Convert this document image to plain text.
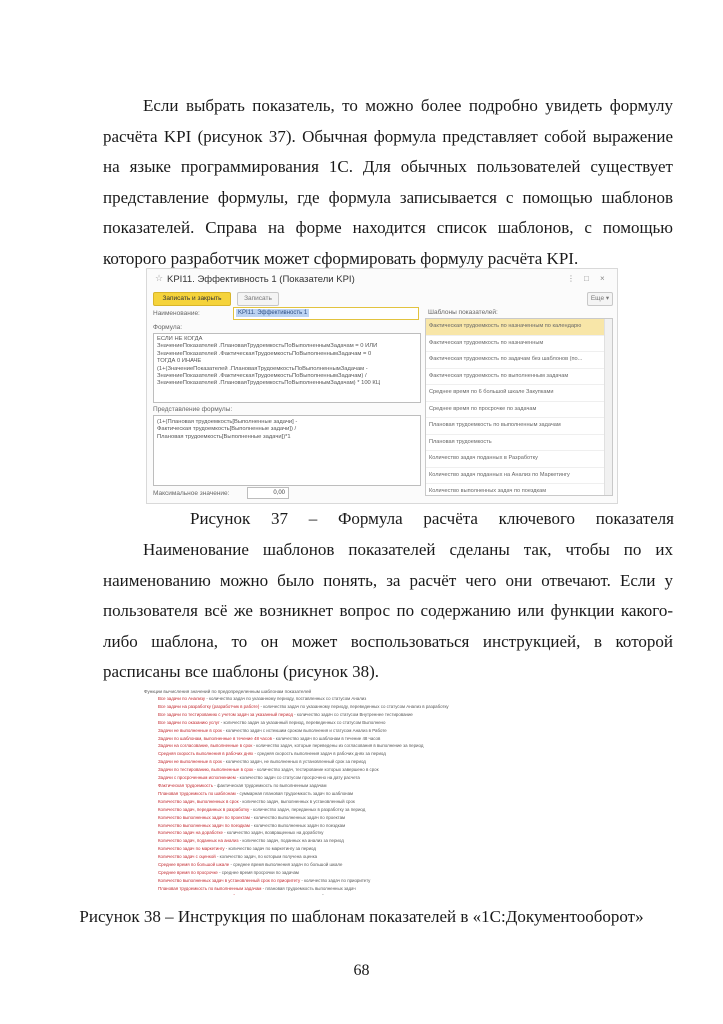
Если выбрать показатель, то можно более подробно увидеть формулу расчёта KPI (рисунок 37). Обычная формула представляет собой выражение на языке программирования 1С. Для обычных пользователей существует представление формулы, где формула записывается с помощью шаблонов показателей. Справа на форме находится список шаблонов, с помощью которого разработчик может сформировать формулу расчёта KPI.

☆ KPI11. Эффективность 1 (Показатели KPI)	⋮ □ ×
Записать и закрыть	Записать	Еще ▾
Наименование:	KPI11. Эффективность 1	Шаблоны показателей:
Формула:
ЕСЛИ НЕ КОГДА
ЗначениеПоказателей .ПлановаяТрудоемкостьПоВыполненнымЗадачам = 0 ИЛИ
ЗначениеПоказателей .ФактическаяТрудоемкостьПоВыполненнымЗадачам = 0
ТОГДА 0 ИНАЧЕ
(1+(ЗначениеПоказателей .ПлановаяТрудоемкостьПоВыполненнымЗадачам -
ЗначениеПоказателей .ФактическаяТрудоемкостьПоВыполненнымЗадачам) /
ЗначениеПоказателей .ПлановаяТрудоемкостьПоВыполненнымЗадачам) * 100 КЦ
Представление формулы:
(1+(Плановая трудоемкость[Выполненные задачи] -
Фактическая трудоемкость[Выполненные задачи]) /
Плановая трудоемкость[Выполненные задачи])*1
Максимальное значение:	0,00
Фактическая трудоемкость по назначенным по календарю
Фактическая трудоемкость по назначенным
Фактическая трудоемкость по задачам без шаблонов (по...
Фактическая трудоемкость по выполненным задачам
Среднее время по 6 большой шкале Закупками
Среднее время по просрочке по задачам
Плановая трудоемкость по выполненным задачам
Плановая трудоемкость
Количество задач поданных в Разработку
Количество задач поданных на Анализ по Маркетингу
Количество выполненных задач по поездкам

Рисунок 37 – Формула расчёта ключевого показателя

Наименование шаблонов показателей сделаны так, чтобы по их наименованию можно было понять, за расчёт чего они отвечают. Если у пользователя всё же возникнет вопрос по содержанию или функции какого-либо шаблона, то он может воспользоваться инструкцией, в которой расписаны все шаблоны (рисунок 38).

Функции вычисления значений по предопределенным шаблонам показателей
Все задачи по Анализу - количество задач по указанному периоду, поставленных со статусом Анализ
Все задачи на разработку (разработчик в работе) - количество задач по указанному периоду, переведенных со статусом Анализ в разработку
Все задачи по тестированию с учетом задач за указанный период - количество задач со статусом Внутреннее тестирование
Все задачи по оказанию услуг - количество задач за указанный период, переведенных со статусом Выполнено
Задачи не выполненные в срок - количество задач с истекшим сроком выполнения и статусом Анализ в Работе
Задачи по шаблонам, выполненные в течение 48 часов - количество задач по шаблонам в течение 48 часов
Задачи на согласование, выполненные в срок - количество задач, которые переведены из согласования в выполнение за период
Средняя скорость выполнения в рабочих днях - средняя скорость выполнения задач в рабочих днях за период
Задачи не выполненные в срок - количество задач, не выполненных в установленный срок за период
Задачи по тестированию, выполненные в срок - количество задач, тестирование которых завершено в срок
Задачи с просроченным исполнением - количество задач со статусом просрочено на дату расчета
Фактическая трудоемкость - фактическая трудоемкость по выполненным задачам
Плановая трудоемкость по шаблонам - суммарная плановая трудоемкость задач по шаблонам
Количество задач, выполненных в срок - количество задач, выполненных в установленный срок
Количество задач, переданных в разработку - количество задач, переданных в разработку за период
Количество выполненных задач по проектам - количество выполненных задач по проектам
Количество выполненных задач по поездкам - количество выполненных задач по поездкам
Количество задач на доработке - количество задач, возвращенных на доработку
Количество задач, поданных на анализ - количество задач, поданных на анализ за период
Количество задач по маркетингу - количество задач по маркетингу за период
Количество задач с оценкой - количество задач, по которым получена оценка
Среднее время по большой шкале - среднее время выполнения задач по большой шкале
Среднее время по просрочке - среднее время просрочки по задачам
Количество выполненных задач в установленный срок по приоритету - количество задач по приоритету
Плановая трудоемкость по выполненным задачам - плановая трудоемкость выполненных задач

Рисунок 38 – Инструкция по шаблонам показателей в «1С:Документооборот»

68
